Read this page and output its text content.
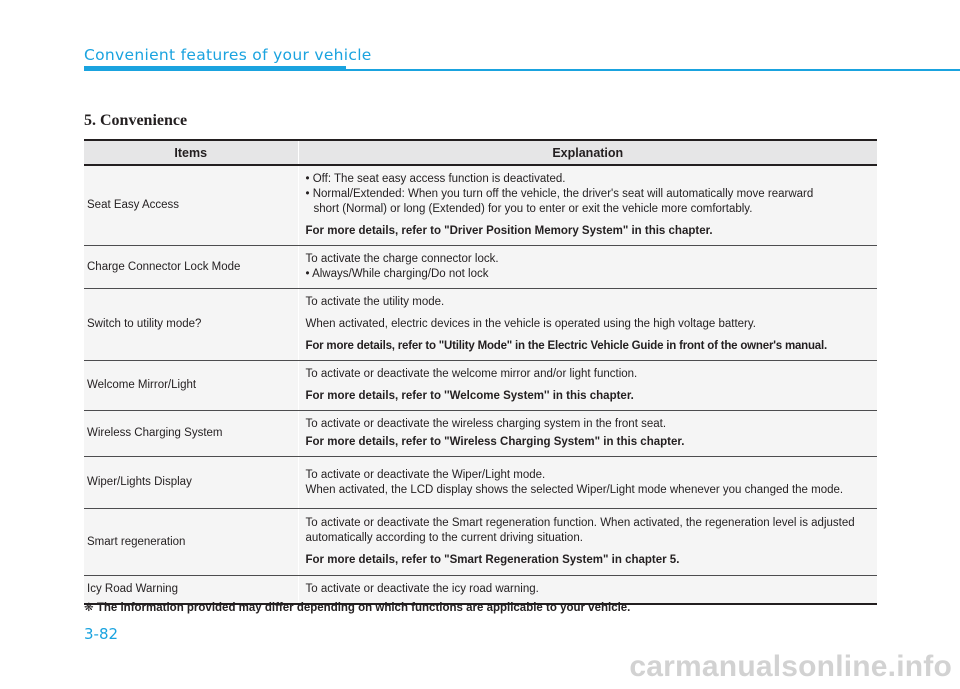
Convenient features of your vehicle
5. Convenience
Items	Explanation
Seat Easy Access	• Off: The seat easy access function is deactivated.

• Normal/Extended: When you turn off the vehicle, the driver's seat will automatically move rearward

short (Normal) or long (Extended) for you to enter or exit the vehicle more comfortably.

For more details, refer to "Driver Position Memory System" in this chapter.

Charge Connector Lock Mode	To activate the charge connector lock.

• Always/While charging/Do not lock

Switch to utility mode?	To activate the utility mode.

When activated, electric devices in the vehicle is operated using the high voltage battery.

For more details, refer to "Utility Mode" in the Electric Vehicle Guide in front of the owner's manual.

Welcome Mirror/Light	To activate or deactivate the welcome mirror and/or light function.

For more details, refer to ''Welcome System'' in this chapter.

Wireless Charging System	To activate or deactivate the wireless charging system in the front seat.

For more details, refer to "Wireless Charging System" in this chapter.

Wiper/Lights Display	To activate or deactivate the Wiper/Light mode.

When activated, the LCD display shows the selected Wiper/Light mode whenever you changed the mode.

Smart regeneration	To activate or deactivate the Smart regeneration function. When activated, the regeneration level is adjusted automatically according to the current driving situation.

For more details, refer to "Smart Regeneration System" in chapter 5.

Icy Road Warning	To activate or deactivate the icy road warning.

❋ The information provided may differ depending on which functions are applicable to your vehicle.
3-82
carmanualsonline.info
